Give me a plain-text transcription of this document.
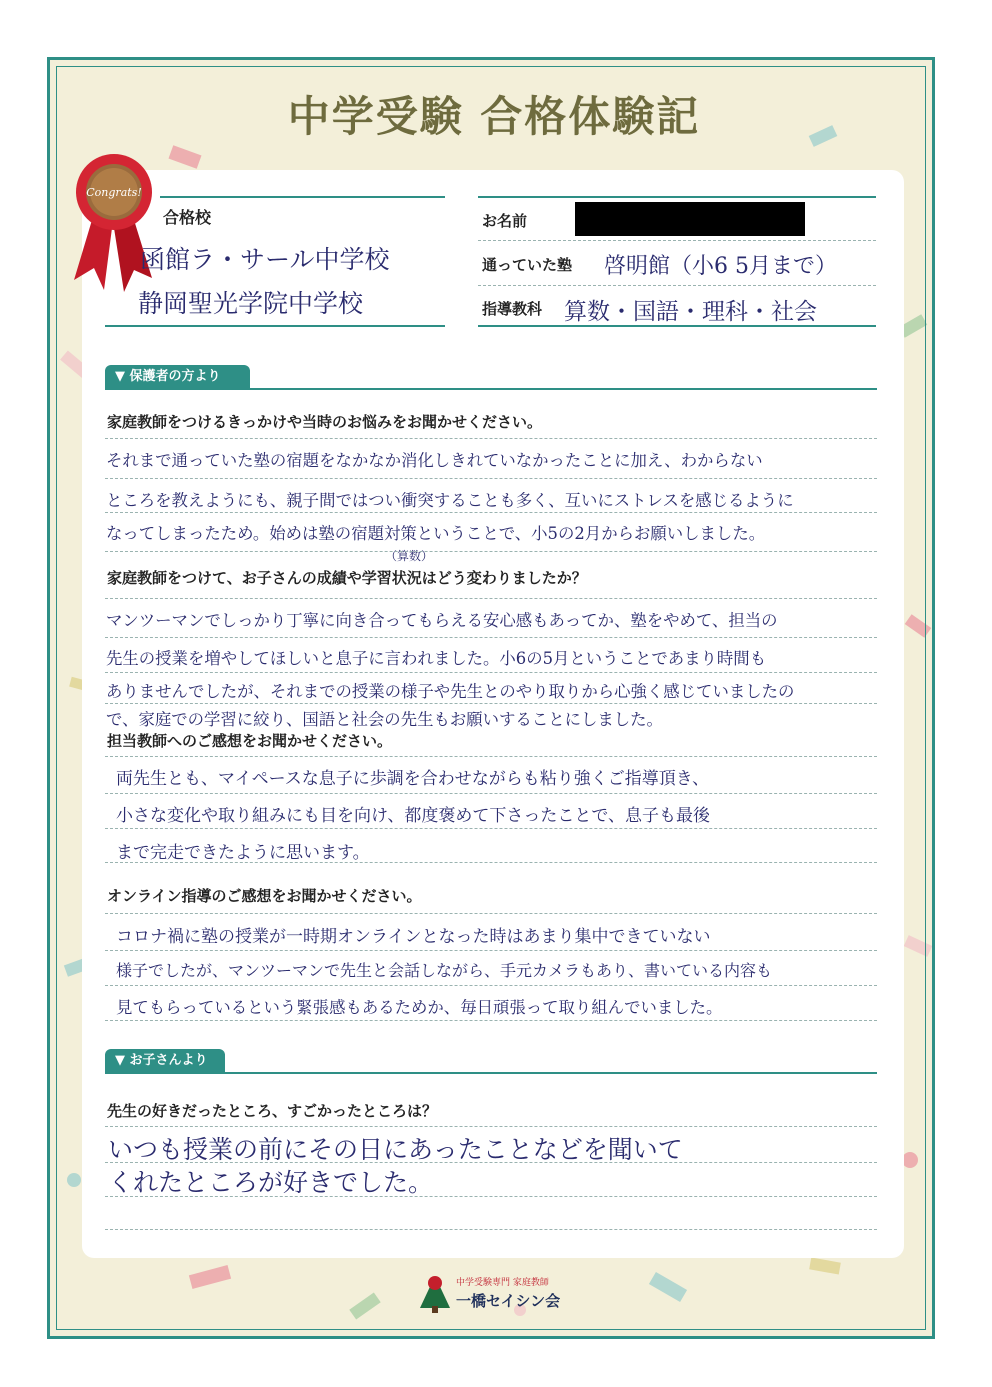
中学受験 合格体験記
Congrats!
合格校
函館ラ・サール中学校
静岡聖光学院中学校
お名前
通っていた塾 啓明館（小6 5月まで）
指導教科 算数・国語・理科・社会
▼ 保護者の方より
家庭教師をつけるきっかけや当時のお悩みをお聞かせください。
それまで通っていた塾の宿題をなかなか消化しきれていなかったことに加え、わからない
ところを教えようにも、親子間ではつい衝突することも多く、互いにストレスを感じるように
なってしまったため。始めは塾の宿題対策ということで、小5の2月からお願いしました。
（算数）
家庭教師をつけて、お子さんの成績や学習状況はどう変わりましたか？
マンツーマンでしっかり丁寧に向き合ってもらえる安心感もあってか、塾をやめて、担当の
先生の授業を増やしてほしいと息子に言われました。小6の5月ということであまり時間も
ありませんでしたが、それまでの授業の様子や先生とのやり取りから心強く感じていましたの
で、家庭での学習に絞り、国語と社会の先生もお願いすることにしました。
担当教師へのご感想をお聞かせください。
両先生とも、マイペースな息子に歩調を合わせながらも粘り強くご指導頂き、
小さな変化や取り組みにも目を向け、都度褒めて下さったことで、息子も最後
まで完走できたように思います。
オンライン指導のご感想をお聞かせください。
コロナ禍に塾の授業が一時期オンラインとなった時はあまり集中できていない
様子でしたが、マンツーマンで先生と会話しながら、手元カメラもあり、書いている内容も
見てもらっているという緊張感もあるためか、毎日頑張って取り組んでいました。
▼ お子さんより
先生の好きだったところ、すごかったところは？
いつも授業の前にその日にあったことなどを聞いて
くれたところが好きでした。
中学受験専門 家庭教師
一橋セイシン会
